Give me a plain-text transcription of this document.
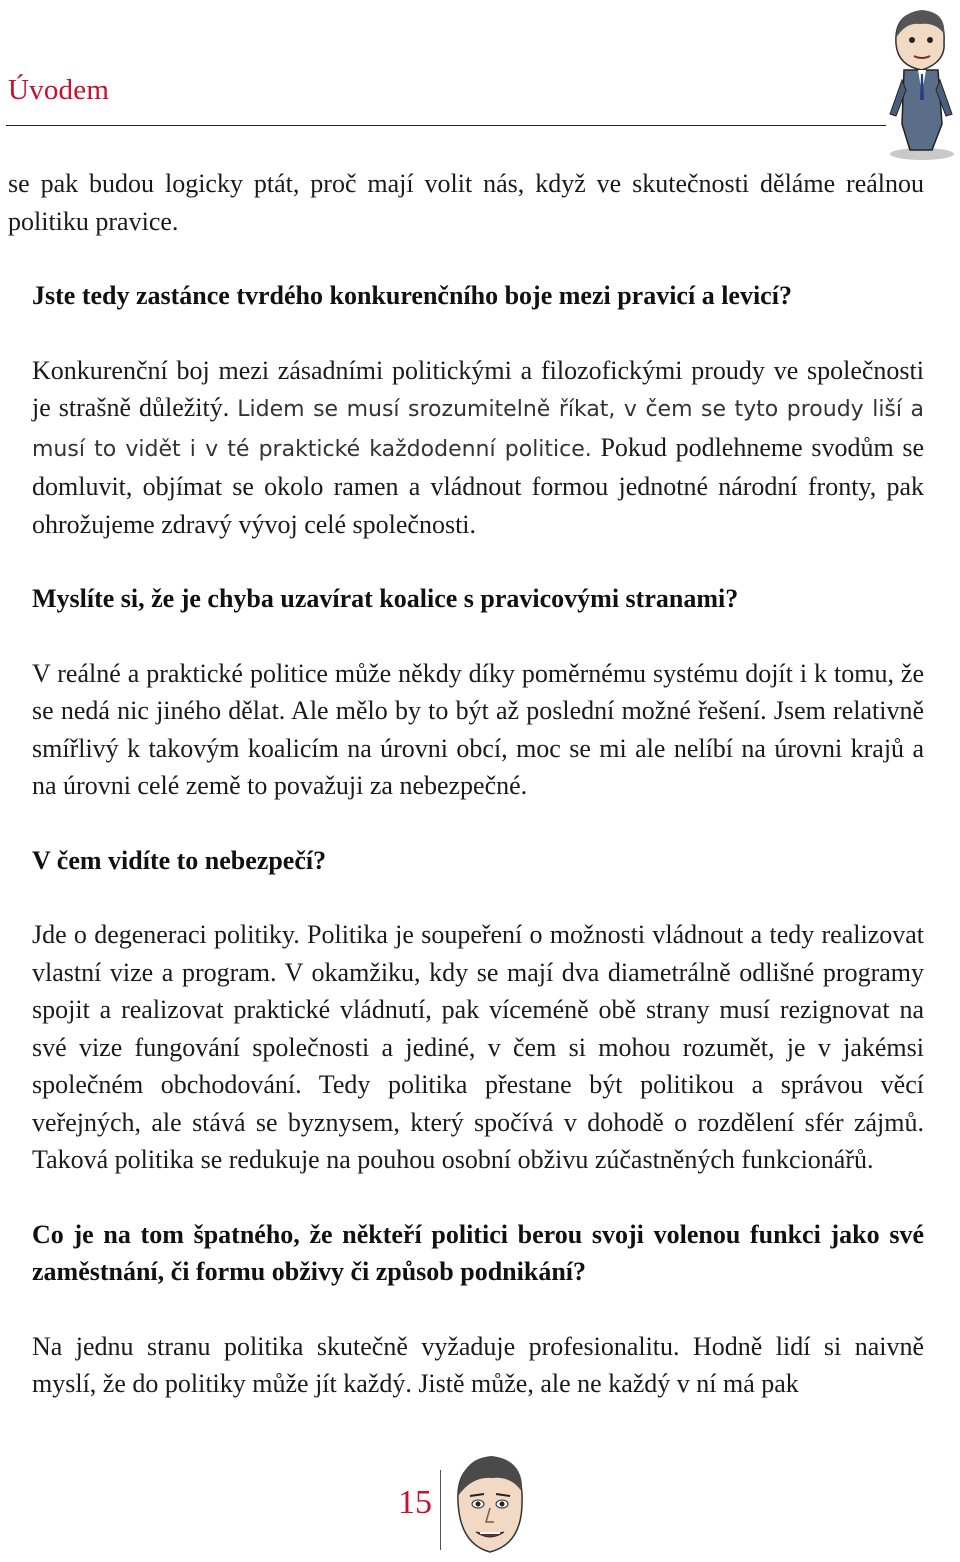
Úvodem

se pak budou logicky ptát, proč mají volit nás, když ve skutečnosti děláme reálnou politiku pravice.

Jste tedy zastánce tvrdého konkurenčního boje mezi pravicí a levicí?

Konkurenční boj mezi zásadními politickými a filozofickými proudy ve společnosti je strašně důležitý. Lidem se musí srozumitelně říkat, v čem se tyto proudy liší a musí to vidět i v té praktické každodenní politice. Pokud podlehneme svodům se domluvit, objímat se okolo ramen a vládnout formou jednotné národní fronty, pak ohrožujeme zdravý vývoj celé společnosti.

Myslíte si, že je chyba uzavírat koalice s pravicovými stranami?

V reálné a praktické politice může někdy díky poměrnému systému dojít i k tomu, že se nedá nic jiného dělat. Ale mělo by to být až poslední možné řešení. Jsem relativně smířlivý k takovým koalicím na úrovni obcí, moc se mi ale nelíbí na úrovni krajů a na úrovni celé země to považuji za nebezpečné.

V čem vidíte to nebezpečí?

Jde o degeneraci politiky. Politika je soupeření o možnosti vládnout a tedy realizovat vlastní vize a program. V okamžiku, kdy se mají dva diametrálně odlišné programy spojit a realizovat praktické vládnutí, pak víceméně obě strany musí rezignovat na své vize fungování společnosti a jediné, v čem si mohou rozumět, je v jakémsi společném obchodování. Tedy politika přestane být politikou a správou věcí veřejných, ale stává se byznysem, který spočívá v dohodě o rozdělení sfér zájmů. Taková politika se redukuje na pouhou osobní obživu zúčastněných funkcionářů.

Co je na tom špatného, že někteří politici berou svoji volenou funkci jako své zaměstnání, či formu obživy či způsob podnikání?

Na jednu stranu politika skutečně vyžaduje profesionalitu. Hodně lidí si naivně myslí, že do politiky může jít každý. Jistě může, ale ne každý v ní má pak

15
